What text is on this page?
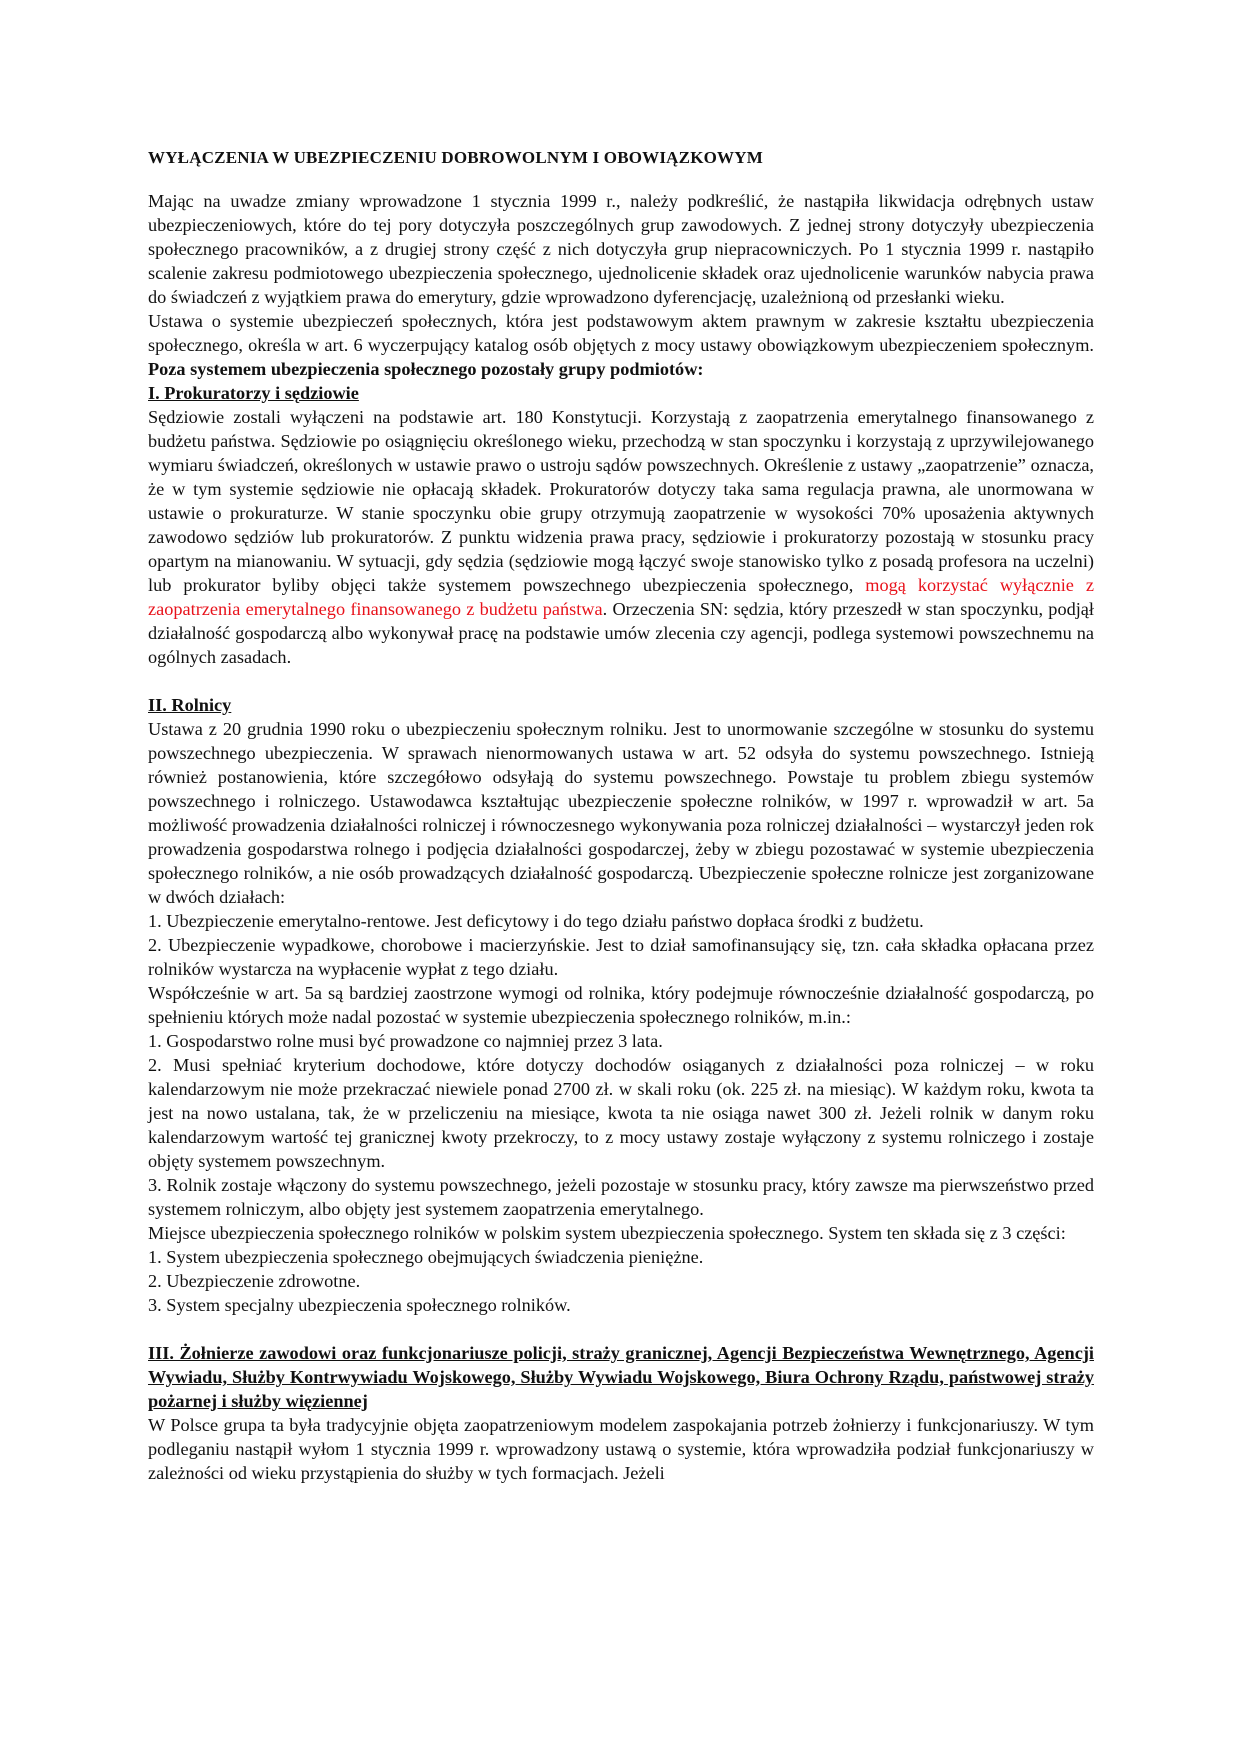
WYŁĄCZENIA W UBEZPIECZENIU DOBROWOLNYM I OBOWIĄZKOWYM

Mając na uwadze zmiany wprowadzone 1 stycznia 1999 r., należy podkreślić, że nastąpiła likwidacja odrębnych ustaw ubezpieczeniowych, które do tej pory dotyczyła poszczególnych grup zawodowych. Z jednej strony dotyczyły ubezpieczenia społecznego pracowników, a z drugiej strony część z nich dotyczyła grup niepracowniczych. Po 1 stycznia 1999 r. nastąpiło scalenie zakresu podmiotowego ubezpieczenia społecznego, ujednolicenie składek oraz ujednolicenie warunków nabycia prawa do świadczeń z wyjątkiem prawa do emerytury, gdzie wprowadzono dyferencjację, uzależnioną od przesłanki wieku.

Ustawa o systemie ubezpieczeń społecznych, która jest podstawowym aktem prawnym w zakresie kształtu ubezpieczenia społecznego, określa w art. 6 wyczerpujący katalog osób objętych z mocy ustawy obowiązkowym ubezpieczeniem społecznym. Poza systemem ubezpieczenia społecznego pozostały grupy podmiotów:

I. Prokuratorzy i sędziowie

Sędziowie zostali wyłączeni na podstawie art. 180 Konstytucji. Korzystają z zaopatrzenia emerytalnego finansowanego z budżetu państwa. Sędziowie po osiągnięciu określonego wieku, przechodzą w stan spoczynku i korzystają z uprzywilejowanego wymiaru świadczeń, określonych w ustawie prawo o ustroju sądów powszechnych. Określenie z ustawy „zaopatrzenie” oznacza, że w tym systemie sędziowie nie opłacają składek. Prokuratorów dotyczy taka sama regulacja prawna, ale unormowana w ustawie o prokuraturze. W stanie spoczynku obie grupy otrzymują zaopatrzenie w wysokości 70% uposażenia aktywnych zawodowo sędziów lub prokuratorów. Z punktu widzenia prawa pracy, sędziowie i prokuratorzy pozostają w stosunku pracy opartym na mianowaniu. W sytuacji, gdy sędzia (sędziowie mogą łączyć swoje stanowisko tylko z posadą profesora na uczelni) lub prokurator byliby objęci także systemem powszechnego ubezpieczenia społecznego, mogą korzystać wyłącznie z zaopatrzenia emerytalnego finansowanego z budżetu państwa. Orzeczenia SN: sędzia, który przeszedł w stan spoczynku, podjął działalność gospodarczą albo wykonywał pracę na podstawie umów zlecenia czy agencji, podlega systemowi powszechnemu na ogólnych zasadach.

II. Rolnicy

Ustawa z 20 grudnia 1990 roku o ubezpieczeniu społecznym rolniku. Jest to unormowanie szczególne w stosunku do systemu powszechnego ubezpieczenia. W sprawach nienormowanych ustawa w art. 52 odsyła do systemu powszechnego. Istnieją również postanowienia, które szczegółowo odsyłają do systemu powszechnego. Powstaje tu problem zbiegu systemów powszechnego i rolniczego. Ustawodawca kształtując ubezpieczenie społeczne rolników, w 1997 r. wprowadził w art. 5a możliwość prowadzenia działalności rolniczej i równoczesnego wykonywania poza rolniczej działalności – wystarczył jeden rok prowadzenia gospodarstwa rolnego i podjęcia działalności gospodarczej, żeby w zbiegu pozostawać w systemie ubezpieczenia społecznego rolników, a nie osób prowadzących działalność gospodarczą. Ubezpieczenie społeczne rolnicze jest zorganizowane w dwóch działach:

1. Ubezpieczenie emerytalno-rentowe. Jest deficytowy i do tego działu państwo dopłaca środki z budżetu.

2. Ubezpieczenie wypadkowe, chorobowe i macierzyńskie. Jest to dział samofinansujący się, tzn. cała składka opłacana przez rolników wystarcza na wypłacenie wypłat z tego działu.

Współcześnie w art. 5a są bardziej zaostrzone wymogi od rolnika, który podejmuje równocześnie działalność gospodarczą, po spełnieniu których może nadal pozostać w systemie ubezpieczenia społecznego rolników, m.in.:

1. Gospodarstwo rolne musi być prowadzone co najmniej przez 3 lata.

2. Musi spełniać kryterium dochodowe, które dotyczy dochodów osiąganych z działalności poza rolniczej – w roku kalendarzowym nie może przekraczać niewiele ponad 2700 zł. w skali roku (ok. 225 zł. na miesiąc). W każdym roku, kwota ta jest na nowo ustalana, tak, że w przeliczeniu na miesiące, kwota ta nie osiąga nawet 300 zł. Jeżeli rolnik w danym roku kalendarzowym wartość tej granicznej kwoty przekroczy, to z mocy ustawy zostaje wyłączony z systemu rolniczego i zostaje objęty systemem powszechnym.

3. Rolnik zostaje włączony do systemu powszechnego, jeżeli pozostaje w stosunku pracy, który zawsze ma pierwszeństwo przed systemem rolniczym, albo objęty jest systemem zaopatrzenia emerytalnego.

Miejsce ubezpieczenia społecznego rolników w polskim system ubezpieczenia społecznego. System ten składa się z 3 części:

1. System ubezpieczenia społecznego obejmujących świadczenia pieniężne.

2. Ubezpieczenie zdrowotne.

3. System specjalny ubezpieczenia społecznego rolników.

III. Żołnierze zawodowi oraz funkcjonariusze policji, straży granicznej, Agencji Bezpieczeństwa Wewnętrznego, Agencji Wywiadu, Służby Kontrwywiadu Wojskowego, Służby Wywiadu Wojskowego, Biura Ochrony Rządu, państwowej straży pożarnej i służby więziennej

W Polsce grupa ta była tradycyjnie objęta zaopatrzeniowym modelem zaspokajania potrzeb żołnierzy i funkcjonariuszy. W tym podleganiu nastąpił wyłom 1 stycznia 1999 r. wprowadzony ustawą o systemie, która wprowadziła podział funkcjonariuszy w zależności od wieku przystąpienia do służby w tych formacjach. Jeżeli
